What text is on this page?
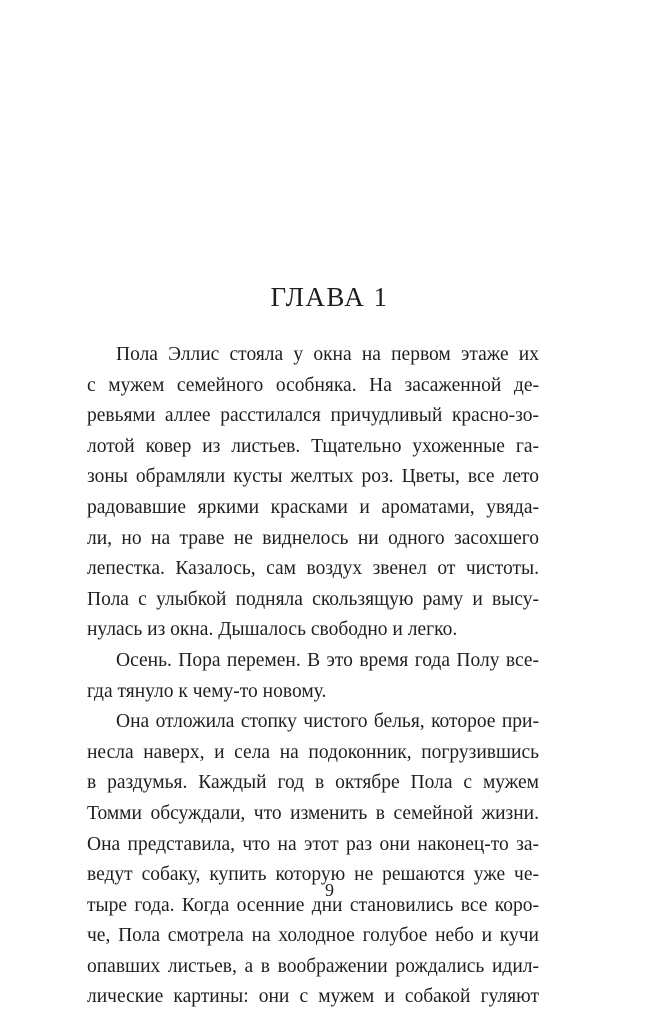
ГЛАВА 1
Пола Эллис стояла у окна на первом этаже их
с мужем семейного особняка. На засаженной де-
ревьями аллее расстилался причудливый красно-зо-
лотой ковер из листьев. Тщательно ухоженные га-
зоны обрамляли кусты желтых роз. Цветы, все лето
радовавшие яркими красками и ароматами, увяда-
ли, но на траве не виднелось ни одного засохшего
лепестка. Казалось, сам воздух звенел от чистоты.
Пола с улыбкой подняла скользящую раму и высу-
нулась из окна. Дышалось свободно и легко.
Осень. Пора перемен. В это время года Полу все-
гда тянуло к чему-то новому.
Она отложила стопку чистого белья, которое при-
несла наверх, и села на подоконник, погрузившись
в раздумья. Каждый год в октябре Пола с мужем
Томми обсуждали, что изменить в семейной жизни.
Она представила, что на этот раз они наконец-то за-
ведут собаку, купить которую не решаются уже че-
тыре года. Когда осенние дни становились все коро-
че, Пола смотрела на холодное голубое небо и кучи
опавших листьев, а в воображении рождались идил-
лические картины: они с мужем и собакой гуляют
9
